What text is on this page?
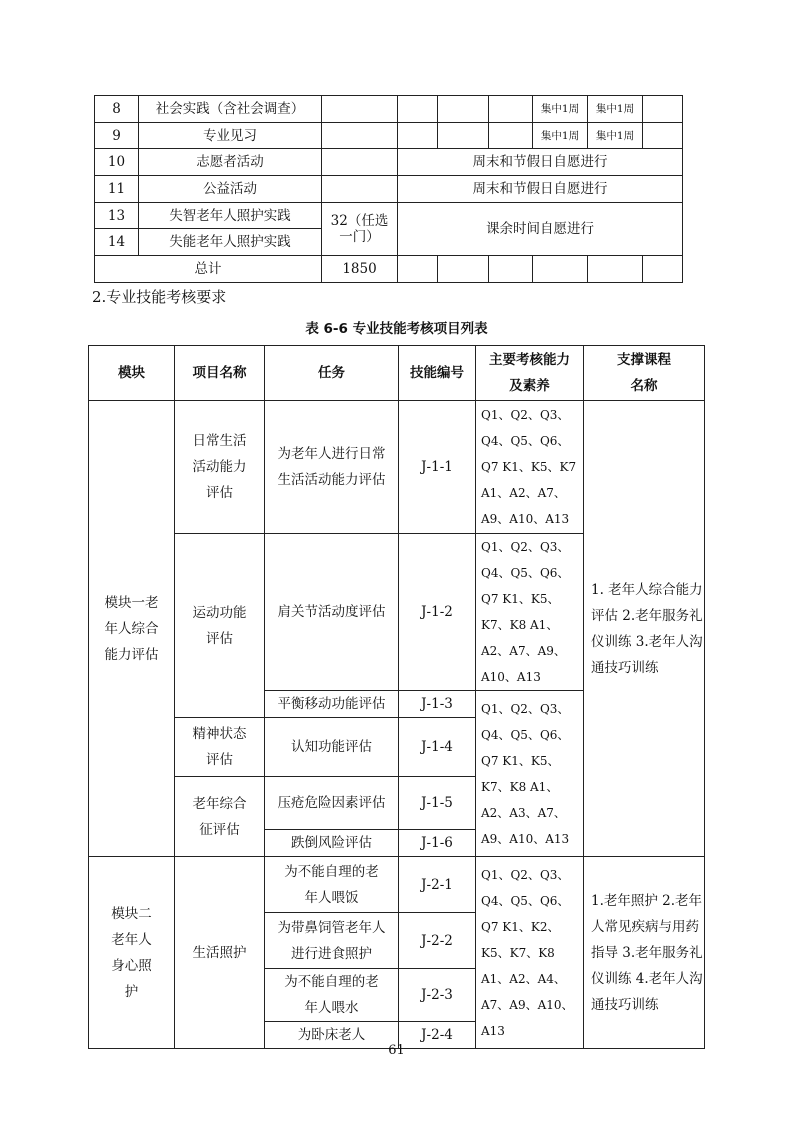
8	社会实践（含社会调查）					集中1周	集中1周	
9	专业见习					集中1周	集中1周	
10	志愿者活动		周末和节假日自愿进行				
11	公益活动		周末和节假日自愿进行				
13	失智老年人照护实践	32（任选一门）	课余时间自愿进行				
14	失能老年人照护实践						
总计		1850						
2.专业技能考核要求
表 6-6 专业技能考核项目列表
模块	项目名称	任务	技能编号	主要考核能力及素养	支撑课程名称
模块一老年人综合能力评估	日常生活活动能力评估	为老年人进行日常生活活动能力评估	J-1-1	Q1、Q2、Q3、Q4、Q5、Q6、Q7 K1、K5、K7 A1、A2、A7、A9、A10、A13	1. 老年人综合能力评估 2.老年服务礼仪训练 3.老年人沟通技巧训练
	运动功能评估	肩关节活动度评估	J-1-2	Q1、Q2、Q3、Q4、Q5、Q6、Q7 K1、K5、K7、K8 A1、A2、A7、A9、A10、A13	
		平衡移动功能评估	J-1-3	Q1、Q2、Q3、Q4、Q5、Q6、Q7 K1、K5、K7、K8 A1、A2、A3、A7、A9、A10、A13	
	精神状态评估	认知功能评估	J-1-4		
	老年综合征评估	压疮危险因素评估	J-1-5		
		跌倒风险评估	J-1-6		
模块二老年人身心照护	生活照护	为不能自理的老年人喂饭	J-2-1	Q1、Q2、Q3、Q4、Q5、Q6、Q7 K1、K2、K5、K7、K8 A1、A2、A4、A7、A9、A10、A13	1.老年照护 2.老年人常见疾病与用药指导 3.老年服务礼仪训练 4.老年人沟通技巧训练
		为带鼻饲管老年人进行进食照护	J-2-2		
		为不能自理的老年人喂水	J-2-3		
		为卧床老人	J-2-4		
61
